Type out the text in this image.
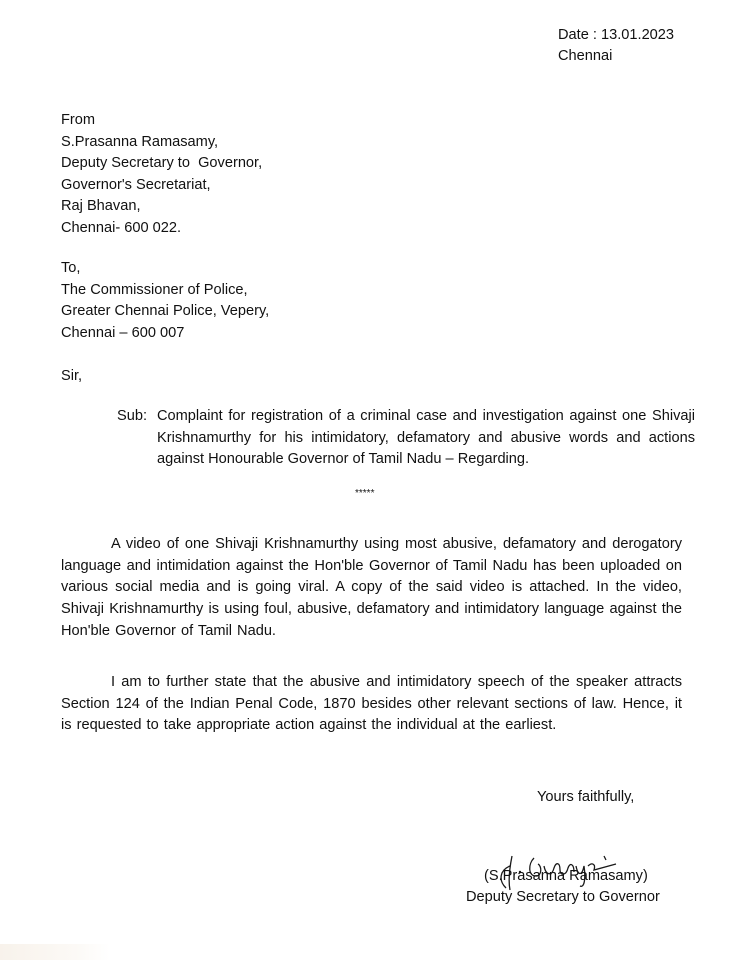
Date : 13.01.2023
Chennai
From
S.Prasanna Ramasamy,
Deputy Secretary to  Governor,
Governor's Secretariat,
Raj Bhavan,
Chennai- 600 022.
To,
The Commissioner of Police,
Greater Chennai Police, Vepery,
Chennai – 600 007
Sir,
Sub: Complaint for registration of a criminal case and investigation against one Shivaji Krishnamurthy for his intimidatory, defamatory and abusive words and actions against Honourable Governor of Tamil Nadu – Regarding.
*****
A video of one Shivaji Krishnamurthy using most abusive, defamatory and derogatory language and intimidation against the Hon'ble Governor of Tamil Nadu has been uploaded on various social media and is going viral. A copy of the said video is attached. In the video, Shivaji Krishnamurthy is using foul, abusive, defamatory and intimidatory language against the Hon'ble Governor of Tamil Nadu.
I am to further state that the abusive and intimidatory speech of the speaker attracts Section 124 of the Indian Penal Code, 1870 besides other relevant sections of law. Hence, it is requested to take appropriate action against the individual at the earliest.
Yours faithfully,
(S.Prasanna Ramasamy)
Deputy Secretary to Governor
